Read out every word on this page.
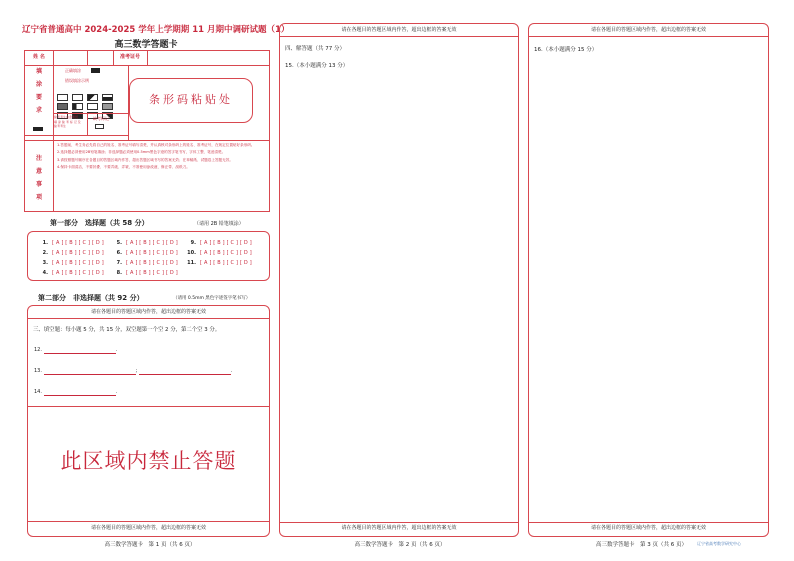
辽宁省普通高中 2024-2025 学年上学期期 11 月期中调研试题（1）
高三数学答题卡
姓 名	准考证号
填
涂
要
求
正确填涂
错误填涂示例
缺考考生由监考员
填 涂 缺 考 标 记 及
缺考考生
缺考标记
条形码粘贴处
注
意
事
项
1.答题前，考生务必先将自己的姓名、准考证号填写清楚，并认真核对条形码上的姓名、准考证号，在规定位置贴好条形码。
2.选择题必须使用2B铅笔填涂；非选择题必须使用0.5mm黑色字迹的签字笔书写，字体工整、笔迹清楚。
3.请按照题号顺序在各题目的答题区域内作答，超出答题区域书写的答案无效；在草稿纸、试题卷上答题无效。
4.保持卡面清洁，不要折叠、不要弄破、弄皱，不准使用涂改液、修正带、刮纸刀。
第一部分　选择题（共 58 分）	（请用 2B 铅笔填涂）
1. [ A ] [ B ] [ C ] [ D ]
2. [ A ] [ B ] [ C ] [ D ]
3. [ A ] [ B ] [ C ] [ D ]
4. [ A ] [ B ] [ C ] [ D ]
5. [ A ] [ B ] [ C ] [ D ]
6. [ A ] [ B ] [ C ] [ D ]
7. [ A ] [ B ] [ C ] [ D ]
8. [ A ] [ B ] [ C ] [ D ]
9. [ A ] [ B ] [ C ] [ D ]
10. [ A ] [ B ] [ C ] [ D ]
11. [ A ] [ B ] [ C ] [ D ]
第二部分　非选择题（共 92 分）	（请用 0.5mm 黑色字迹签字笔书写）
请在各题目的答题区域内作答，超出边框的答案无效
三、填空题：每小题 5 分，共 15 分，双空题第一个空 2 分，第二个空 3 分。
12.	.
13.	;	.
14.	.
此区域内禁止答题
请在各题目的答题区域内作答，超出边框的答案无效
高三数学答题卡　第 1 页（共 6 页）
请在各题目的答题区域内作答，超出边框的答案无效
四、解答题（共 77 分）
15.（本小题满分 13 分）
请在各题目的答题区域内作答，超出边框的答案无效
高三数学答题卡　第 2 页（共 6 页）
请在各题目的答题区域内作答，超出边框的答案无效
16.（本小题满分 15 分）
请在各题目的答题区域内作答，超出边框的答案无效
高三数学答题卡　第 3 页（共 6 页）	辽宁省高考数学研究中心
